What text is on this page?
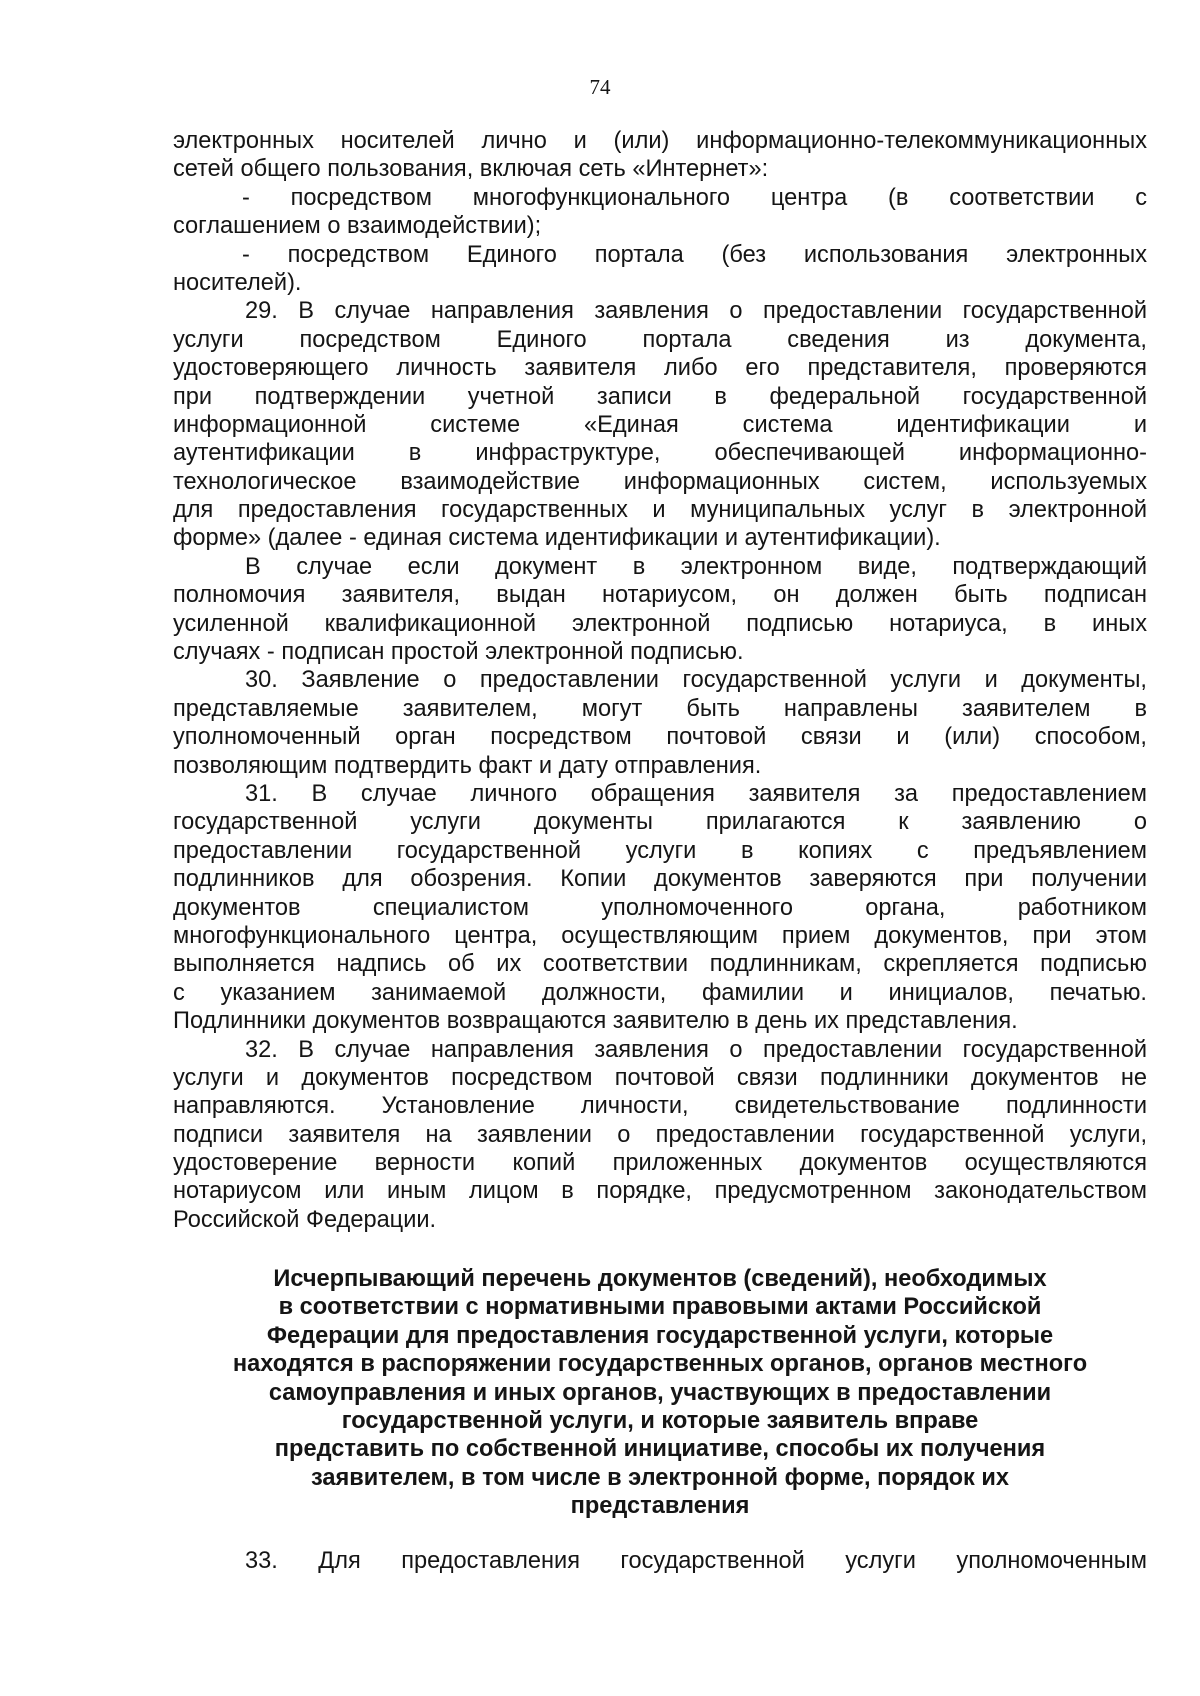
74
электронных носителей лично и (или) информационно-телекоммуникационных
сетей общего пользования, включая сеть «Интернет»:
- посредством многофункционального центра (в соответствии с
соглашением о взаимодействии);
- посредством Единого портала (без использования электронных
носителей).
29. В случае направления заявления о предоставлении государственной
услуги посредством Единого портала сведения из документа,
удостоверяющего личность заявителя либо его представителя, проверяются
при подтверждении учетной записи в федеральной государственной
информационной системе «Единая система идентификации и
аутентификации в инфраструктуре, обеспечивающей информационно-
технологическое взаимодействие информационных систем, используемых
для предоставления государственных и муниципальных услуг в электронной
форме» (далее - единая система идентификации и аутентификации).
В случае если документ в электронном виде, подтверждающий
полномочия заявителя, выдан нотариусом, он должен быть подписан
усиленной квалификационной электронной подписью нотариуса, в иных
случаях - подписан простой электронной подписью.
30. Заявление о предоставлении государственной услуги и документы,
представляемые заявителем, могут быть направлены заявителем в
уполномоченный орган посредством почтовой связи и (или) способом,
позволяющим подтвердить факт и дату отправления.
31. В случае личного обращения заявителя за предоставлением
государственной услуги документы прилагаются к заявлению о
предоставлении государственной услуги в копиях с предъявлением
подлинников для обозрения. Копии документов заверяются при получении
документов специалистом уполномоченного органа, работником
многофункционального центра, осуществляющим прием документов, при этом
выполняется надпись об их соответствии подлинникам, скрепляется подписью
с указанием занимаемой должности, фамилии и инициалов, печатью.
Подлинники документов возвращаются заявителю в день их представления.
32. В случае направления заявления о предоставлении государственной
услуги и документов посредством почтовой связи подлинники документов не
направляются. Установление личности, свидетельствование подлинности
подписи заявителя на заявлении о предоставлении государственной услуги,
удостоверение верности копий приложенных документов осуществляются
нотариусом или иным лицом в порядке, предусмотренном законодательством
Российской Федерации.
Исчерпывающий перечень документов (сведений), необходимых
в соответствии с нормативными правовыми актами Российской
Федерации для предоставления государственной услуги, которые
находятся в распоряжении государственных органов, органов местного
самоуправления и иных органов, участвующих в предоставлении
государственной услуги, и которые заявитель вправе
представить по собственной инициативе, способы их получения
заявителем, в том числе в электронной форме, порядок их
представления
33. Для предоставления государственной услуги уполномоченным
